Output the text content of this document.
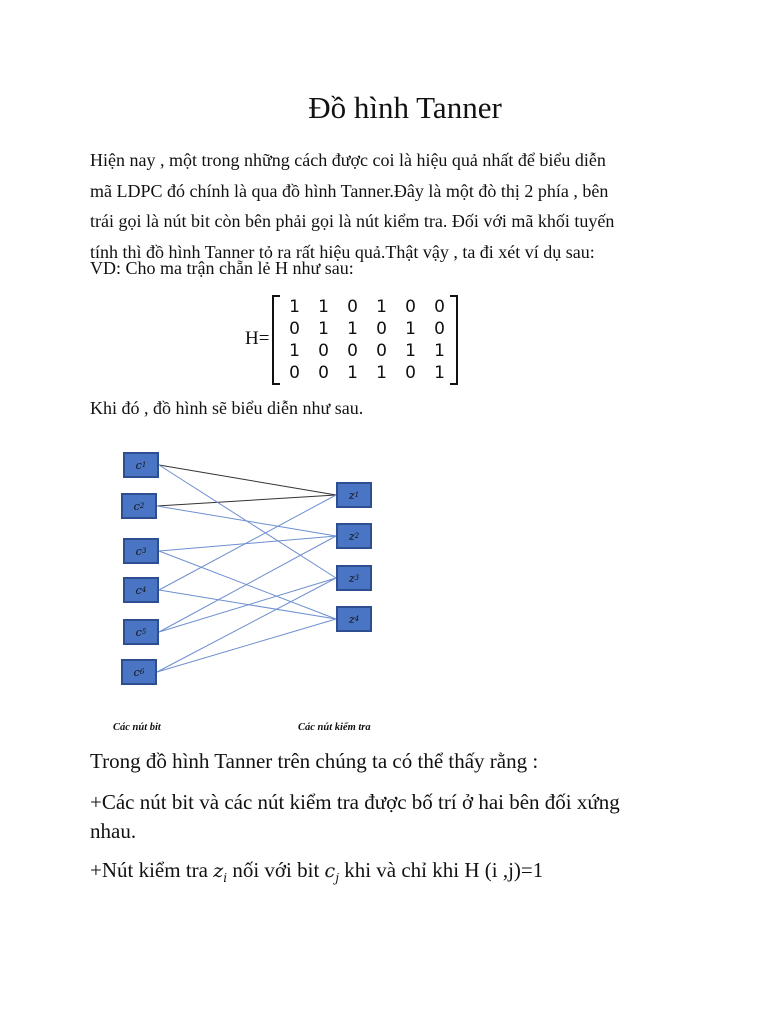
Đồ hình Tanner
Hiện nay , một trong những cách được coi là hiệu quả nhất để biểu diễn
mã LDPC đó chính là qua đồ hình Tanner.Đây là một đò thị 2 phía , bên
trái gọi là nút bit còn bên phải gọi là nút kiểm tra. Đối với mã khối tuyến
tính thì đồ hình Tanner tỏ ra rất hiệu quả.Thật vậy , ta đi xét ví dụ sau:
VD: Cho ma trận chẵn lẻ H như sau:
H=
1	1	0	1	0	0
0	1	1	0	1	0
1	0	0	0	1	1
0	0	1	1	0	1
Khi đó , đồ hình sẽ biểu diễn như sau.
c 1
c 2
c 3
c 4
c 5
c 6
z 1
z 2
z 3
z 4
Các nút bit	Các nút kiểm tra
Trong đồ hình Tanner trên chúng ta có thể thấy rằng :
+Các nút bit và các nút kiểm tra được bố trí ở hai bên đối xứng
nhau.
+Nút kiểm tra $z_i$ nối với bit $c_j$ khi và chỉ khi H (i ,j)=1
